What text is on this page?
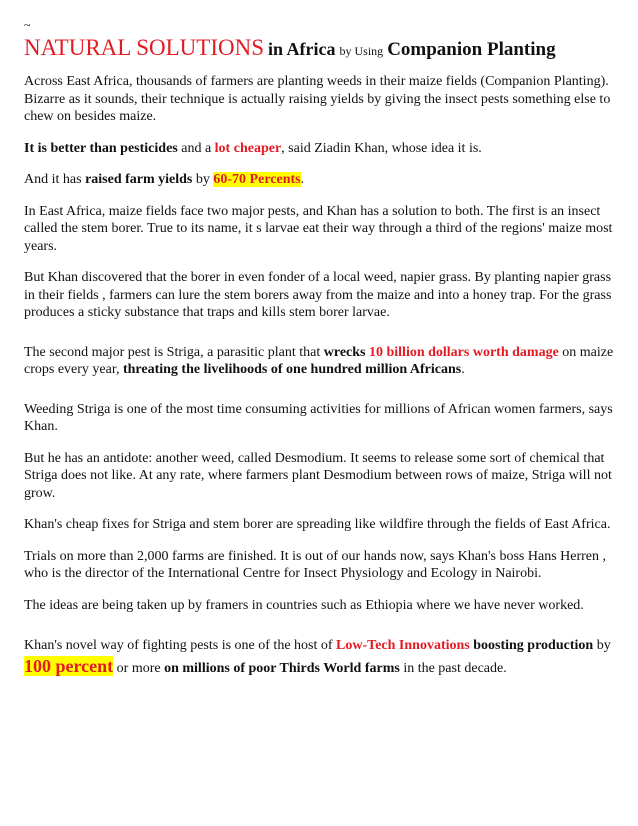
~
NATURAL SOLUTIONS in Africa by Using Companion Planting

Across East Africa, thousands of farmers are planting weeds in their maize fields (Companion Planting). Bizarre as it sounds, their technique is actually raising yields by giving the insect pests something else to chew on besides maize.

It is better than pesticides and a lot cheaper, said Ziadin Khan, whose idea it is.

And it has raised farm yields by 60-70 Percents.

In East Africa, maize fields face two major pests, and Khan has a solution to both. The first is an insect called the stem borer. True to its name, it s larvae eat their way through a third of the regions' maize most years.

But Khan discovered that the borer in even fonder of a local weed, napier grass. By planting napier grass in their fields , farmers can lure the stem borers away from the maize and into a honey trap. For the grass produces a sticky substance that traps and kills stem borer larvae.

The second major pest is Striga, a parasitic plant that wrecks 10 billion dollars worth damage on maize crops every year, threating the livelihoods of one hundred million Africans.

Weeding Striga is one of the most time consuming activities for millions of African women farmers, says Khan.

But he has an antidote: another weed, called Desmodium. It seems to release some sort of chemical that Striga does not like. At any rate, where farmers plant Desmodium between rows of maize, Striga will not grow.

Khan's cheap fixes for Striga and stem borer are spreading like wildfire through the fields of East Africa.

Trials on more than 2,000 farms are finished. It is out of our hands now, says Khan's boss Hans Herren , who is the director of the International Centre for Insect Physiology and Ecology in Nairobi.

The ideas are being taken up by framers in countries such as Ethiopia where we have never worked.

Khan's novel way of fighting pests is one of the host of Low-Tech Innovations boosting production by 100 percent or more on millions of poor Thirds World farms in the past decade.
